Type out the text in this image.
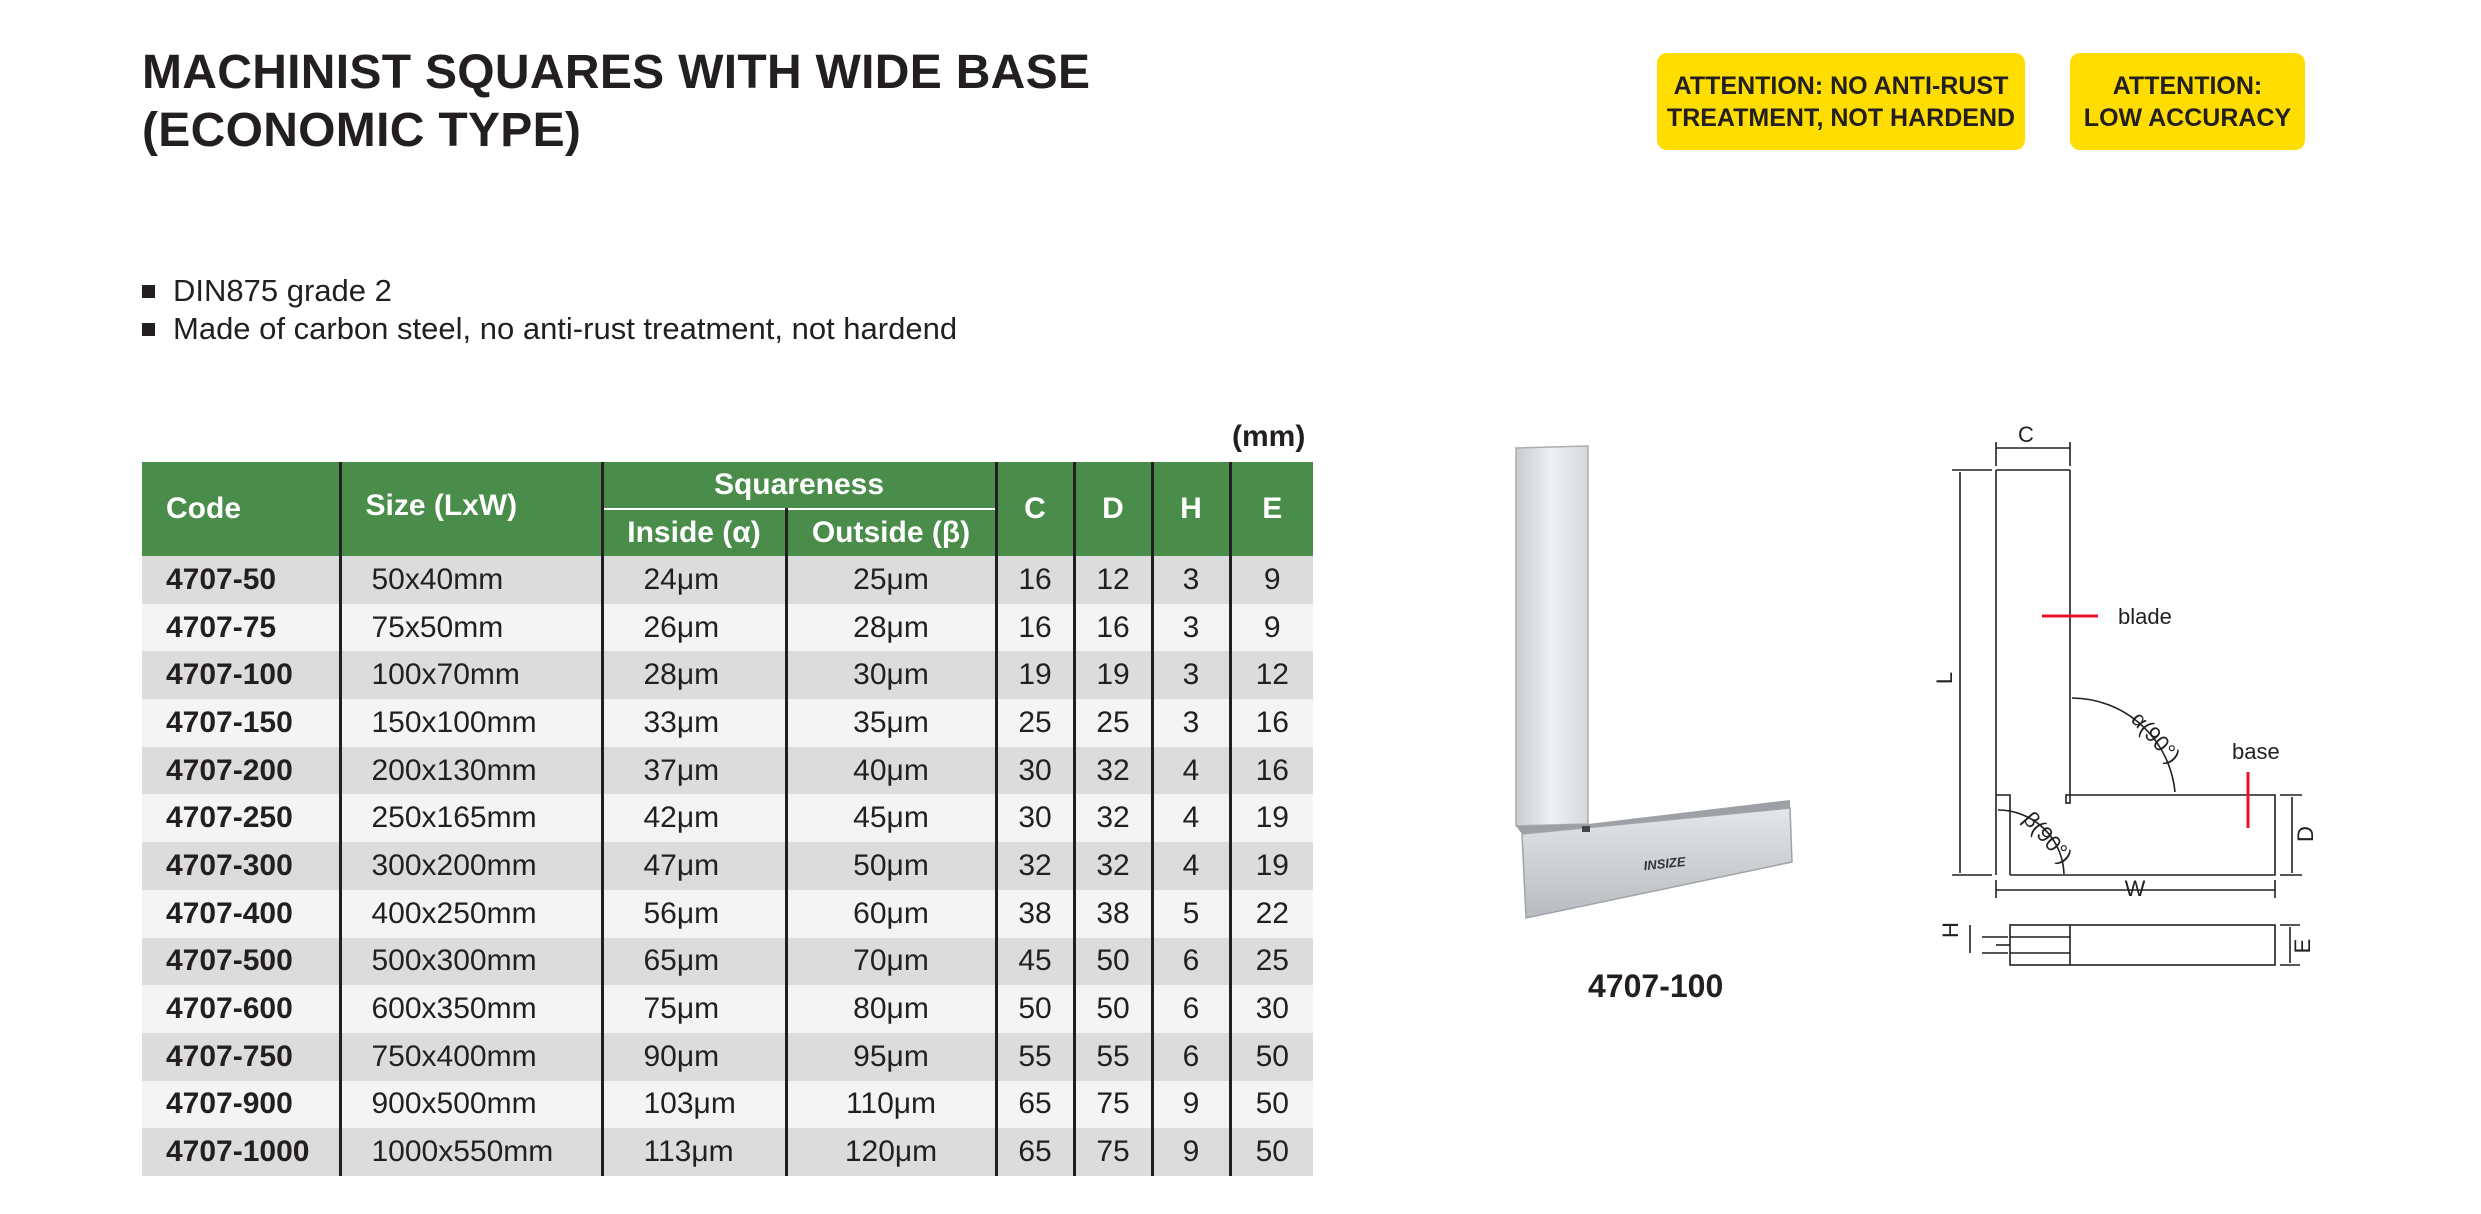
MACHINIST SQUARES WITH WIDE BASE
(ECONOMIC TYPE)
ATTENTION: NO ANTI-RUST
TREATMENT, NOT HARDEND
ATTENTION:
LOW ACCURACY
DIN875 grade 2
Made of carbon steel, no anti-rust treatment, not hardend
(mm)
Code	Size (LxW)	Squareness		C	D	H	E
		Inside (α)	Outside (β)				
4707-50	50x40mm	24μm	25μm	16	12	3	9
4707-75	75x50mm	26μm	28μm	16	16	3	9
4707-100	100x70mm	28μm	30μm	19	19	3	12
4707-150	150x100mm	33μm	35μm	25	25	3	16
4707-200	200x130mm	37μm	40μm	30	32	4	16
4707-250	250x165mm	42μm	45μm	30	32	4	19
4707-300	300x200mm	47μm	50μm	32	32	4	19
4707-400	400x250mm	56μm	60μm	38	38	5	22
4707-500	500x300mm	65μm	70μm	45	50	6	25
4707-600	600x350mm	75μm	80μm	50	50	6	30
4707-750	750x400mm	90μm	95μm	55	55	6	50
4707-900	900x500mm	103μm	110μm	65	75	9	50
4707-1000	1000x550mm	113μm	120μm	65	75	9	50
INSIZE
4707-100
C
L
W
D
H
E
blade
base
α(90°)
β(90°)
